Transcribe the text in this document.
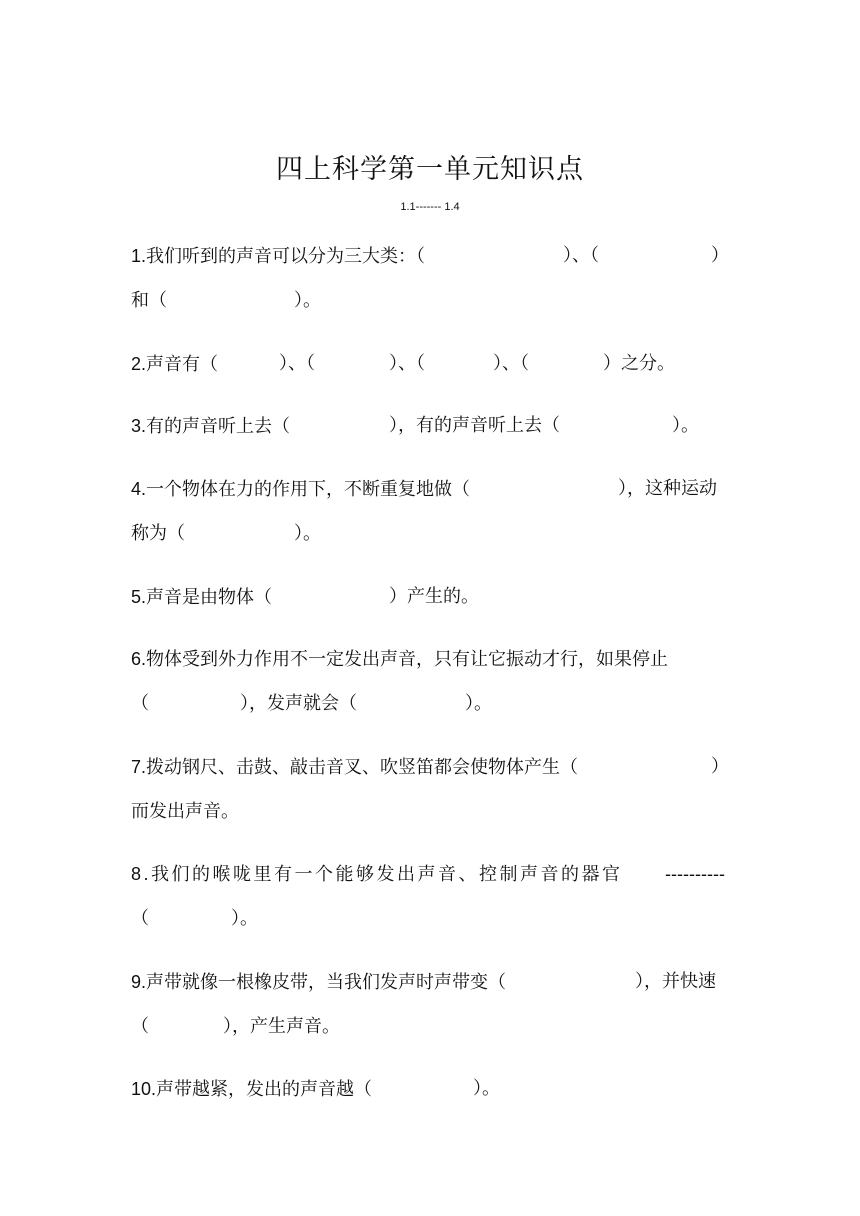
四上科学第一单元知识点
1.1------- 1.4
1.我们听到的声音可以分为三大类：（	）、（	）
和（	）。
2.声音有（	）、（	）、（	）、（	）之分。
3.有的声音听上去（	），有的声音听上去（	）。
4.一个物体在力的作用下，不断重复地做（	），这种运动
称为（	）。
5.声音是由物体（	）产生的。
6.物体受到外力作用不一定发出声音，只有让它振动才行，如果停止
（	），发声就会（	）。
7.拨动钢尺、击鼓、敲击音叉、吹竖笛都会使物体产生（	）
而发出声音。
8.我们的喉咙里有一个能够发出声音、控制声音的器官 ----------
（	）。
9.声带就像一根橡皮带，当我们发声时声带变（	），并快速
（	），产生声音。
10.声带越紧，发出的声音越（	）。
